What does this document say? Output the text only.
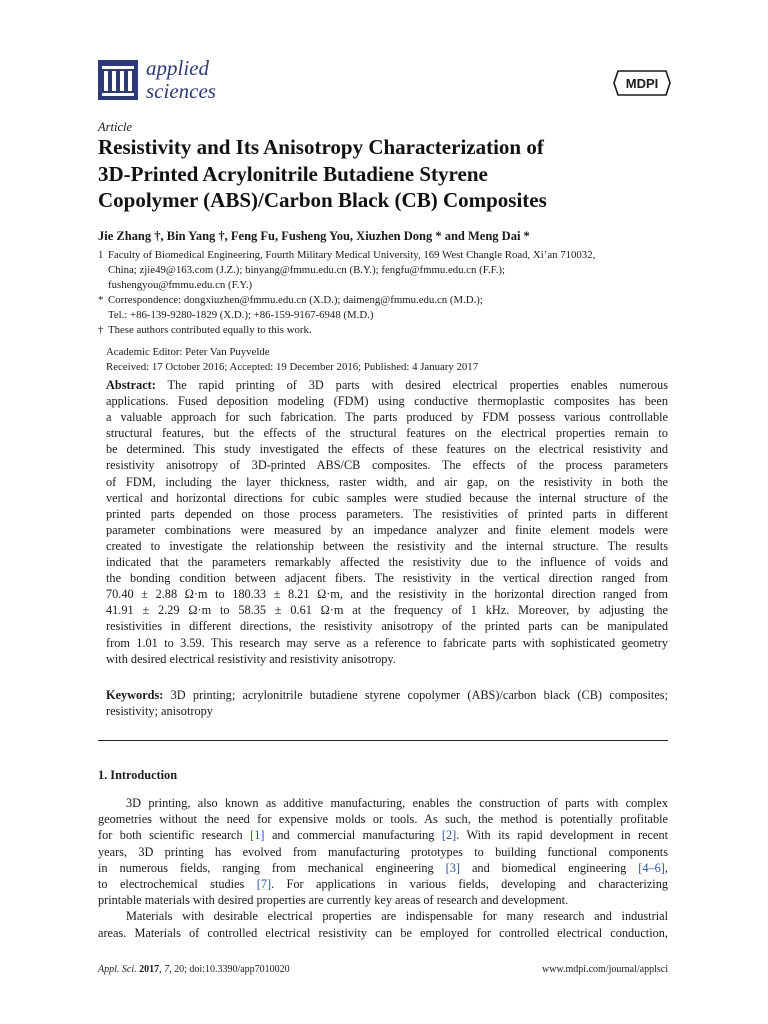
applied
sciences	MDPI
Article
Resistivity and Its Anisotropy Characterization of
3D-Printed Acrylonitrile Butadiene Styrene
Copolymer (ABS)/Carbon Black (CB) Composites
Jie Zhang †, Bin Yang †, Feng Fu, Fusheng You, Xiuzhen Dong * and Meng Dai *
1 Faculty of Biomedical Engineering, Fourth Military Medical University, 169 West Changle Road, Xi’an 710032,
China; zjie49@163.com (J.Z.); binyang@fmmu.edu.cn (B.Y.); fengfu@fmmu.edu.cn (F.F.);
fushengyou@fmmu.edu.cn (F.Y.)
* Correspondence: dongxiuzhen@fmmu.edu.cn (X.D.); daimeng@fmmu.edu.cn (M.D.);
Tel.: +86-139-9280-1829 (X.D.); +86-159-9167-6948 (M.D.)
† These authors contributed equally to this work.
Academic Editor: Peter Van Puyvelde
Received: 17 October 2016; Accepted: 19 December 2016; Published: 4 January 2017
Abstract: The rapid printing of 3D parts with desired electrical properties enables numerous
applications. Fused deposition modeling (FDM) using conductive thermoplastic composites has been
a valuable approach for such fabrication. The parts produced by FDM possess various controllable
structural features, but the effects of the structural features on the electrical properties remain to
be determined. This study investigated the effects of these features on the electrical resistivity and
resistivity anisotropy of 3D-printed ABS/CB composites. The effects of the process parameters
of FDM, including the layer thickness, raster width, and air gap, on the resistivity in both the
vertical and horizontal directions for cubic samples were studied because the internal structure of the
printed parts depended on those process parameters. The resistivities of printed parts in different
parameter combinations were measured by an impedance analyzer and finite element models were
created to investigate the relationship between the resistivity and the internal structure. The results
indicated that the parameters remarkably affected the resistivity due to the influence of voids and
the bonding condition between adjacent fibers. The resistivity in the vertical direction ranged from
70.40 ± 2.88 Ω·m to 180.33 ± 8.21 Ω·m, and the resistivity in the horizontal direction ranged from
41.91 ± 2.29 Ω·m to 58.35 ± 0.61 Ω·m at the frequency of 1 kHz. Moreover, by adjusting the
resistivities in different directions, the resistivity anisotropy of the printed parts can be manipulated
from 1.01 to 3.59. This research may serve as a reference to fabricate parts with sophisticated geometry
with desired electrical resistivity and resistivity anisotropy.
Keywords: 3D printing; acrylonitrile butadiene styrene copolymer (ABS)/carbon black (CB) composites;
resistivity; anisotropy
1. Introduction
3D printing, also known as additive manufacturing, enables the construction of parts with complex
geometries without the need for expensive molds or tools. As such, the method is potentially profitable
for both scientific research [1] and commercial manufacturing [2]. With its rapid development in recent
years, 3D printing has evolved from manufacturing prototypes to building functional components
in numerous fields, ranging from mechanical engineering [3] and biomedical engineering [4–6],
to electrochemical studies [7]. For applications in various fields, developing and characterizing
printable materials with desired properties are currently key areas of research and development.
Materials with desirable electrical properties are indispensable for many research and industrial
areas. Materials of controlled electrical resistivity can be employed for controlled electrical conduction,
Appl. Sci. 2017, 7, 20; doi:10.3390/app7010020	www.mdpi.com/journal/applsci
